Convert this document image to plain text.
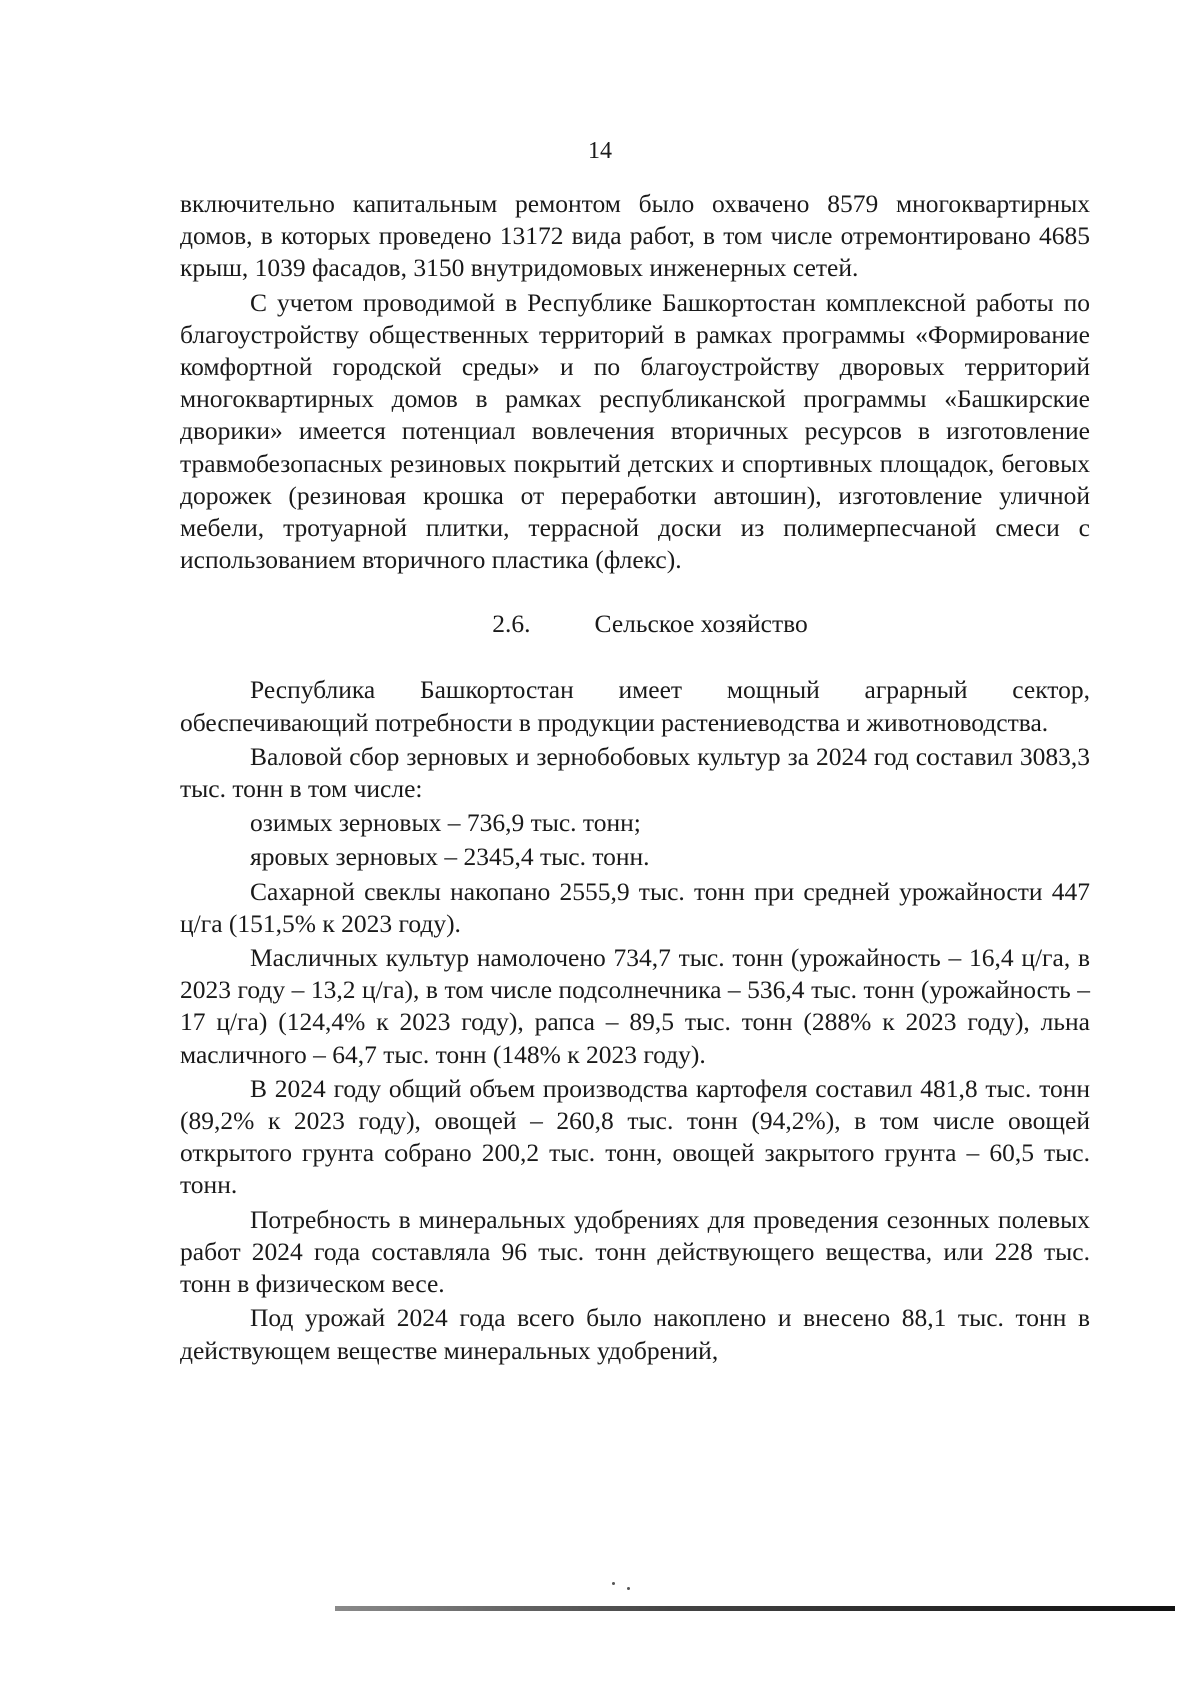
14

включительно капитальным ремонтом было охвачено 8579 многоквартирных домов, в которых проведено 13172 вида работ, в том числе отремонтировано 4685 крыш, 1039 фасадов, 3150 внутридомовых инженерных сетей.

С учетом проводимой в Республике Башкортостан комплексной работы по благоустройству общественных территорий в рамках программы «Формирование комфортной городской среды» и по благоустройству дворовых территорий многоквартирных домов в рамках республиканской программы «Башкирские дворики» имеется потенциал вовлечения вторичных ресурсов в изготовление травмобезопасных резиновых покрытий детских и спортивных площадок, беговых дорожек (резиновая крошка от переработки автошин), изготовление уличной мебели, тротуарной плитки, террасной доски из полимерпесчаной смеси с использованием вторичного пластика (флекс).

2.6.	Сельское хозяйство

Республика Башкортостан имеет мощный аграрный сектор, обеспечивающий потребности в продукции растениеводства и животноводства.

Валовой сбор зерновых и зернобобовых культур за 2024 год составил 3083,3 тыс. тонн в том числе:

озимых зерновых – 736,9 тыс. тонн;

яровых зерновых – 2345,4 тыс. тонн.

Сахарной свеклы накопано 2555,9 тыс. тонн при средней урожайности 447 ц/га (151,5% к 2023 году).

Масличных культур намолочено 734,7 тыс. тонн (урожайность – 16,4 ц/га, в 2023 году – 13,2 ц/га), в том числе подсолнечника – 536,4 тыс. тонн (урожайность – 17 ц/га) (124,4% к 2023 году), рапса – 89,5 тыс. тонн (288% к 2023 году), льна масличного – 64,7 тыс. тонн (148% к 2023 году).

В 2024 году общий объем производства картофеля составил 481,8 тыс. тонн (89,2% к 2023 году), овощей – 260,8 тыс. тонн (94,2%), в том числе овощей открытого грунта собрано 200,2 тыс. тонн, овощей закрытого грунта – 60,5 тыс. тонн.

Потребность в минеральных удобрениях для проведения сезонных полевых работ 2024 года составляла 96 тыс. тонн действующего вещества, или 228 тыс. тонн в физическом весе.

Под урожай 2024 года всего было накоплено и внесено 88,1 тыс. тонн в действующем веществе минеральных удобрений,
